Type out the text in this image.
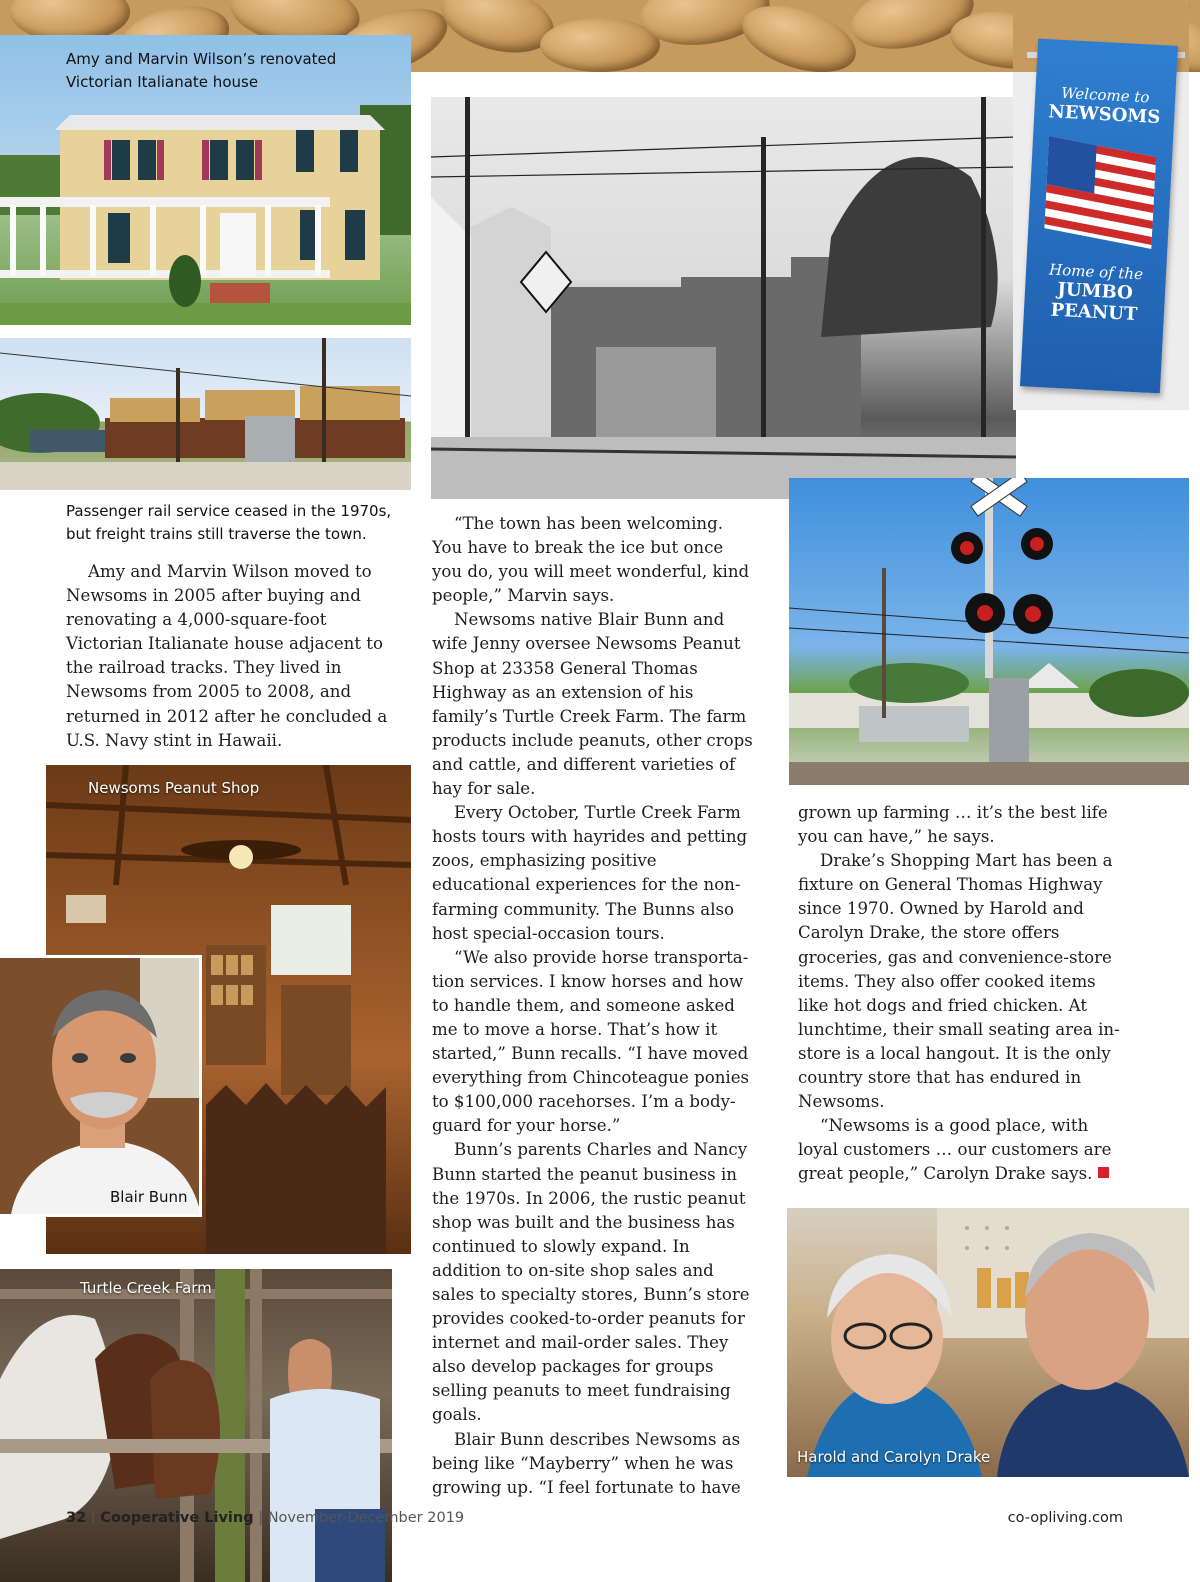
Amy and Marvin Wilson’s renovated Victorian Italianate house
Passenger rail service ceased in the 1970s, but freight trains still traverse the town.

Amy and Marvin Wilson moved to Newsoms in 2005 after buying and renovating a 4,000-square-foot Victorian Italianate house adjacent to the railroad tracks. They lived in Newsoms from 2005 to 2008, and returned in 2012 after he concluded a U.S. Navy stint in Hawaii.

Newsoms Peanut Shop
Blair Bunn
Turtle Creek Farm
Welcome to
NEWSOMS
Home of the
JUMBO
PEANUT

“The town has been welcoming. You have to break the ice but once you do, you will meet wonderful, kind people,” Marvin says.

Newsoms native Blair Bunn and wife Jenny oversee Newsoms Peanut Shop at 23358 General Thomas Highway as an extension of his family’s Turtle Creek Farm. The farm products include peanuts, other crops and cattle, and different varieties of hay for sale.

Every October, Turtle Creek Farm hosts tours with hayrides and petting zoos, emphasizing positive educational experiences for the non-farming community. The Bunns also host special-occasion tours.

“We also provide horse transporta-tion services. I know horses and how to handle them, and someone asked me to move a horse. That’s how it started,” Bunn recalls. “I have moved everything from Chincoteague ponies to $100,000 racehorses. I’m a body-guard for your horse.”

Bunn’s parents Charles and Nancy Bunn started the peanut business in the 1970s. In 2006, the rustic peanut shop was built and the business has continued to slowly expand. In addition to on-site shop sales and sales to specialty stores, Bunn’s store provides cooked-to-order peanuts for internet and mail-order sales. They also develop packages for groups selling peanuts to meet fundraising goals.

Blair Bunn describes Newsoms as being like “Mayberry” when he was growing up. “I feel fortunate to have

grown up farming … it’s the best life you can have,” he says.

Drake’s Shopping Mart has been a fixture on General Thomas Highway since 1970. Owned by Harold and Carolyn Drake, the store offers groceries, gas and convenience-store items. They also offer cooked items like hot dogs and fried chicken. At lunchtime, their small seating area in-store is a local hangout. It is the only country store that has endured in Newsoms.

“Newsoms is a good place, with loyal customers … our customers are great people,” Carolyn Drake says.

Harold and Carolyn Drake
32 | Cooperative Living | November-December 2019	co-opliving.com
